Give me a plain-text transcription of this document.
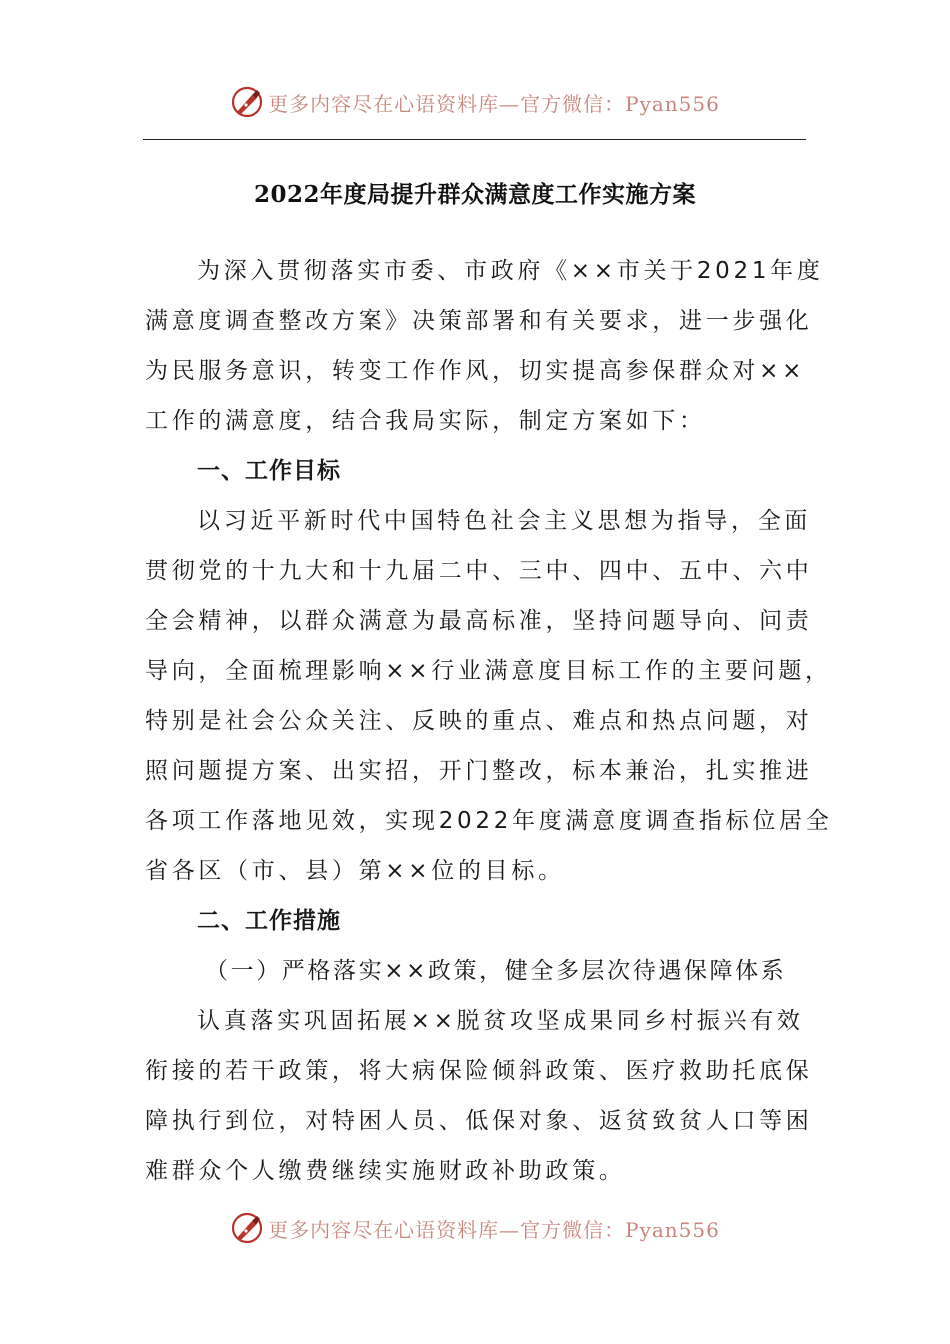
更多内容尽在心语资料库—官方微信：Pyan556
2022年度局提升群众满意度工作实施方案

为深入贯彻落实市委、市政府《××市关于2021年度

满意度调查整改方案》决策部署和有关要求，进一步强化

为民服务意识，转变工作作风，切实提高参保群众对××

工作的满意度，结合我局实际，制定方案如下：

一、工作目标

以习近平新时代中国特色社会主义思想为指导，全面

贯彻党的十九大和十九届二中、三中、四中、五中、六中

全会精神，以群众满意为最高标准，坚持问题导向、问责

导向，全面梳理影响××行业满意度目标工作的主要问题，

特别是社会公众关注、反映的重点、难点和热点问题，对

照问题提方案、出实招，开门整改，标本兼治，扎实推进

各项工作落地见效，实现2022年度满意度调查指标位居全

省各区（市、县）第××位的目标。

二、工作措施

（一）严格落实××政策，健全多层次待遇保障体系

认真落实巩固拓展××脱贫攻坚成果同乡村振兴有效

衔接的若干政策，将大病保险倾斜政策、医疗救助托底保

障执行到位，对特困人员、低保对象、返贫致贫人口等困

难群众个人缴费继续实施财政补助政策。

更多内容尽在心语资料库—官方微信：Pyan556
